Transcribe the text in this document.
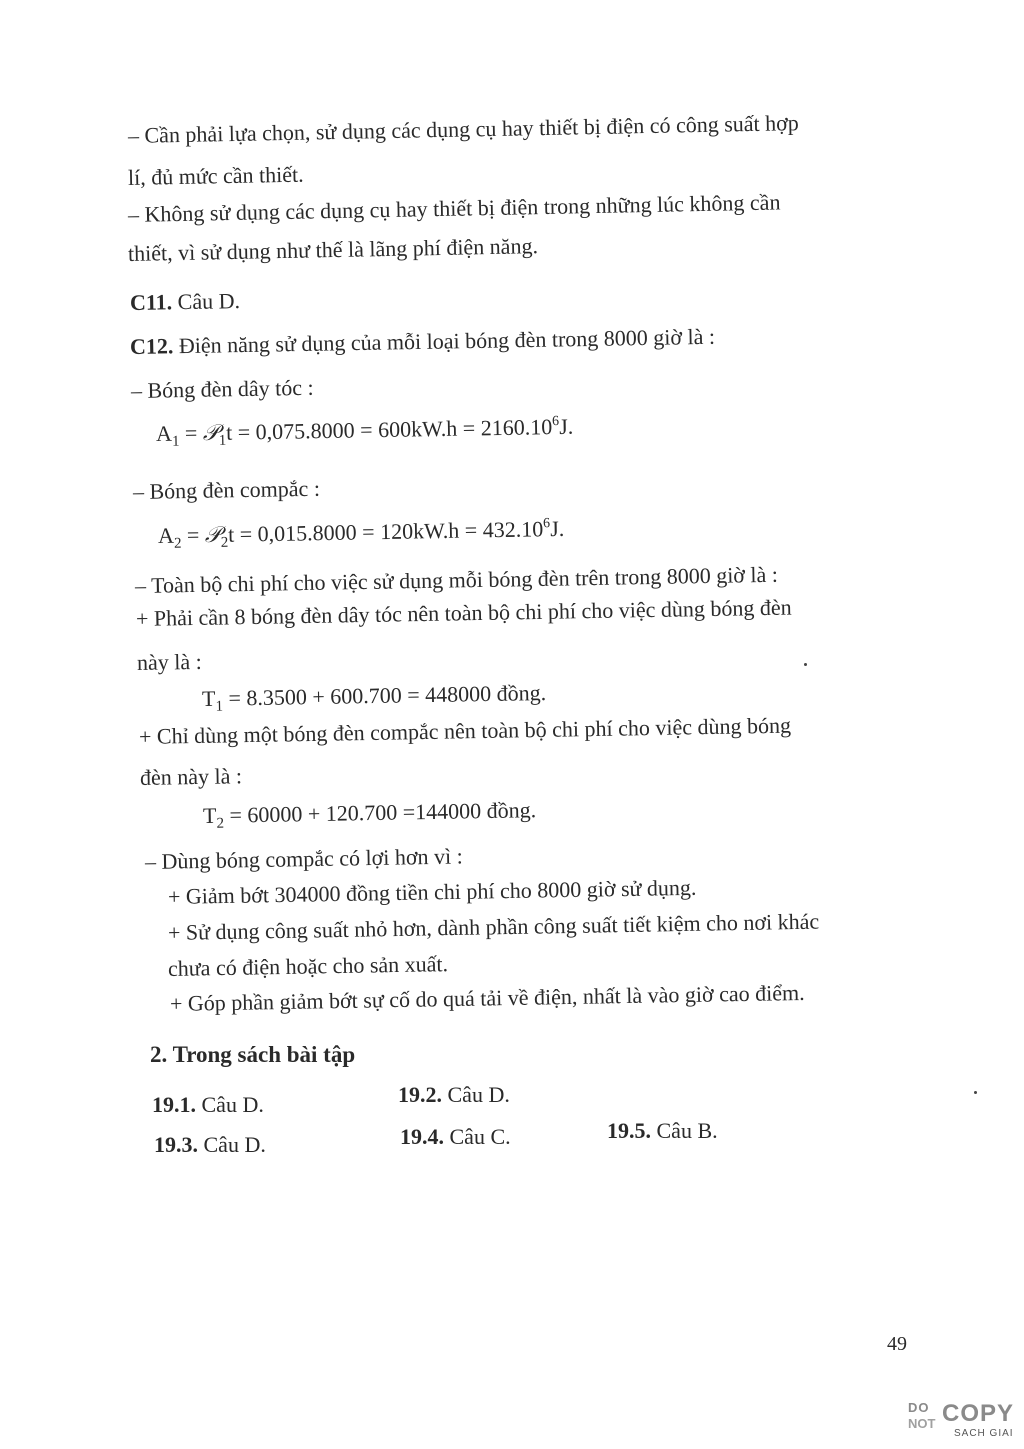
– Cần phải lựa chọn, sử dụng các dụng cụ hay thiết bị điện có công suất hợp
lí, đủ mức cần thiết.
– Không sử dụng các dụng cụ hay thiết bị điện trong những lúc không cần
thiết, vì sử dụng như thế là lãng phí điện năng.
C11. Câu D.
C12. Điện năng sử dụng của mỗi loại bóng đèn trong 8000 giờ là :
– Bóng đèn dây tóc :
$A_1$ = 𝒫$_1$t = $0,075.8000 = 600kW.h = 2160.10^6J$.
– Bóng đèn compắc :
$A_2$ = 𝒫$_2$t = $0,015.8000 = 120kW.h = 432.10^6J$.
– Toàn bộ chi phí cho việc sử dụng mỗi bóng đèn trên trong 8000 giờ là :
+ Phải cần 8 bóng đèn dây tóc nên toàn bộ chi phí cho việc dùng bóng đèn
này là :
$T_1 = 8.3500 + 600.700 = 448000$ đồng.
+ Chỉ dùng một bóng đèn compắc nên toàn bộ chi phí cho việc dùng bóng
đèn này là :
$T_2 = 60000 + 120.700 =144000$ đồng.
– Dùng bóng compắc có lợi hơn vì :
+ Giảm bớt 304000 đồng tiền chi phí cho 8000 giờ sử dụng.
+ Sử dụng công suất nhỏ hơn, dành phần công suất tiết kiệm cho nơi khác
chưa có điện hoặc cho sản xuất.
+ Góp phần giảm bớt sự cố do quá tải về điện, nhất là vào giờ cao điểm.
2. Trong sách bài tập
19.1. Câu D.	19.2. Câu D.
19.3. Câu D.	19.4. Câu C.	19.5. Câu B.
49
DO
NOT COPY
SACH GIAI
